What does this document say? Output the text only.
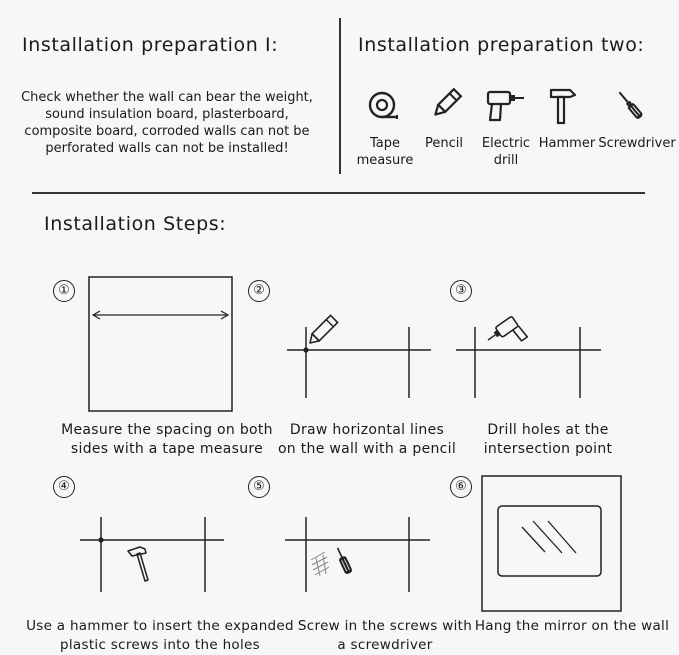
Installation preparation I:
Check whether the wall can bear the weight,
sound insulation board, plasterboard,
composite board, corroded walls can not be
perforated walls can not be installed!
Installation preparation two:
Tape
measure
Pencil	Electric
drill
Hammer Screwdriver
Installation Steps:
①	②	③
④	⑤	⑥
Measure the spacing on both
sides with a tape measure
Draw horizontal lines
on the wall with a pencil
Drill holes at the
intersection point
Use a hammer to insert the expanded
plastic screws into the holes
Screw in the screws with
a screwdriver
Hang the mirror on the wall
